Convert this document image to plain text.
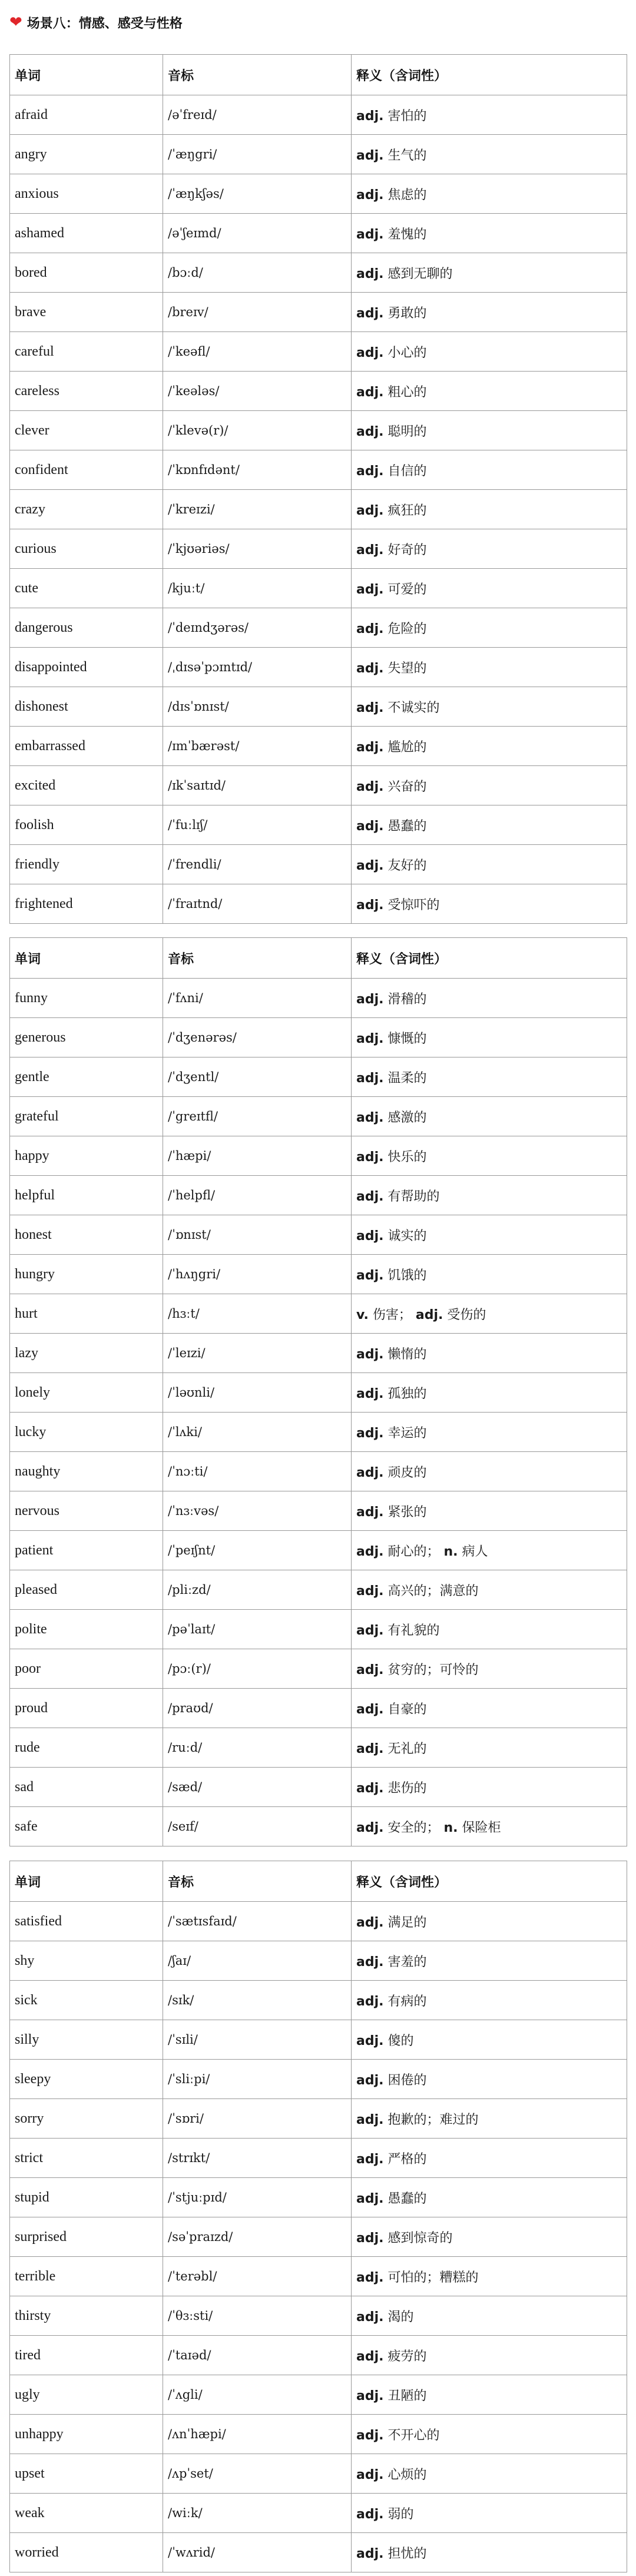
❤ 场景八：情感、感受与性格
单词	音标	释义（含词性）
afraid	/əˈfreɪd/	adj. 害怕的
angry	/ˈæŋgri/	adj. 生气的
anxious	/ˈæŋkʃəs/	adj. 焦虑的
ashamed	/əˈʃeɪmd/	adj. 羞愧的
bored	/bɔːd/	adj. 感到无聊的
brave	/breɪv/	adj. 勇敢的
careful	/ˈkeəfl/	adj. 小心的
careless	/ˈkeələs/	adj. 粗心的
clever	/ˈklevə(r)/	adj. 聪明的
confident	/ˈkɒnfɪdənt/	adj. 自信的
crazy	/ˈkreɪzi/	adj. 疯狂的
curious	/ˈkjʊəriəs/	adj. 好奇的
cute	/kjuːt/	adj. 可爱的
dangerous	/ˈdeɪndʒərəs/	adj. 危险的
disappointed	/ˌdɪsəˈpɔɪntɪd/	adj. 失望的
dishonest	/dɪsˈɒnɪst/	adj. 不诚实的
embarrassed	/ɪmˈbærəst/	adj. 尴尬的
excited	/ɪkˈsaɪtɪd/	adj. 兴奋的
foolish	/ˈfuːlɪʃ/	adj. 愚蠢的
friendly	/ˈfrendli/	adj. 友好的
frightened	/ˈfraɪtnd/	adj. 受惊吓的
单词	音标	释义（含词性）
funny	/ˈfʌni/	adj. 滑稽的
generous	/ˈdʒenərəs/	adj. 慷慨的
gentle	/ˈdʒentl/	adj. 温柔的
grateful	/ˈgreɪtfl/	adj. 感激的
happy	/ˈhæpi/	adj. 快乐的
helpful	/ˈhelpfl/	adj. 有帮助的
honest	/ˈɒnɪst/	adj. 诚实的
hungry	/ˈhʌŋgri/	adj. 饥饿的
hurt	/hɜːt/	v. 伤害； adj. 受伤的
lazy	/ˈleɪzi/	adj. 懒惰的
lonely	/ˈləʊnli/	adj. 孤独的
lucky	/ˈlʌki/	adj. 幸运的
naughty	/ˈnɔːti/	adj. 顽皮的
nervous	/ˈnɜːvəs/	adj. 紧张的
patient	/ˈpeɪʃnt/	adj. 耐心的； n. 病人
pleased	/pliːzd/	adj. 高兴的；满意的
polite	/pəˈlaɪt/	adj. 有礼貌的
poor	/pɔː(r)/	adj. 贫穷的；可怜的
proud	/praʊd/	adj. 自豪的
rude	/ruːd/	adj. 无礼的
sad	/sæd/	adj. 悲伤的
safe	/seɪf/	adj. 安全的； n. 保险柜
单词	音标	释义（含词性）
satisfied	/ˈsætɪsfaɪd/	adj. 满足的
shy	/ʃaɪ/	adj. 害羞的
sick	/sɪk/	adj. 有病的
silly	/ˈsɪli/	adj. 傻的
sleepy	/ˈsliːpi/	adj. 困倦的
sorry	/ˈsɒri/	adj. 抱歉的；难过的
strict	/strɪkt/	adj. 严格的
stupid	/ˈstjuːpɪd/	adj. 愚蠢的
surprised	/səˈpraɪzd/	adj. 感到惊奇的
terrible	/ˈterəbl/	adj. 可怕的；糟糕的
thirsty	/ˈθɜːsti/	adj. 渴的
tired	/ˈtaɪəd/	adj. 疲劳的
ugly	/ˈʌgli/	adj. 丑陋的
unhappy	/ʌnˈhæpi/	adj. 不开心的
upset	/ʌpˈset/	adj. 心烦的
weak	/wiːk/	adj. 弱的
worried	/ˈwʌrid/	adj. 担忧的
